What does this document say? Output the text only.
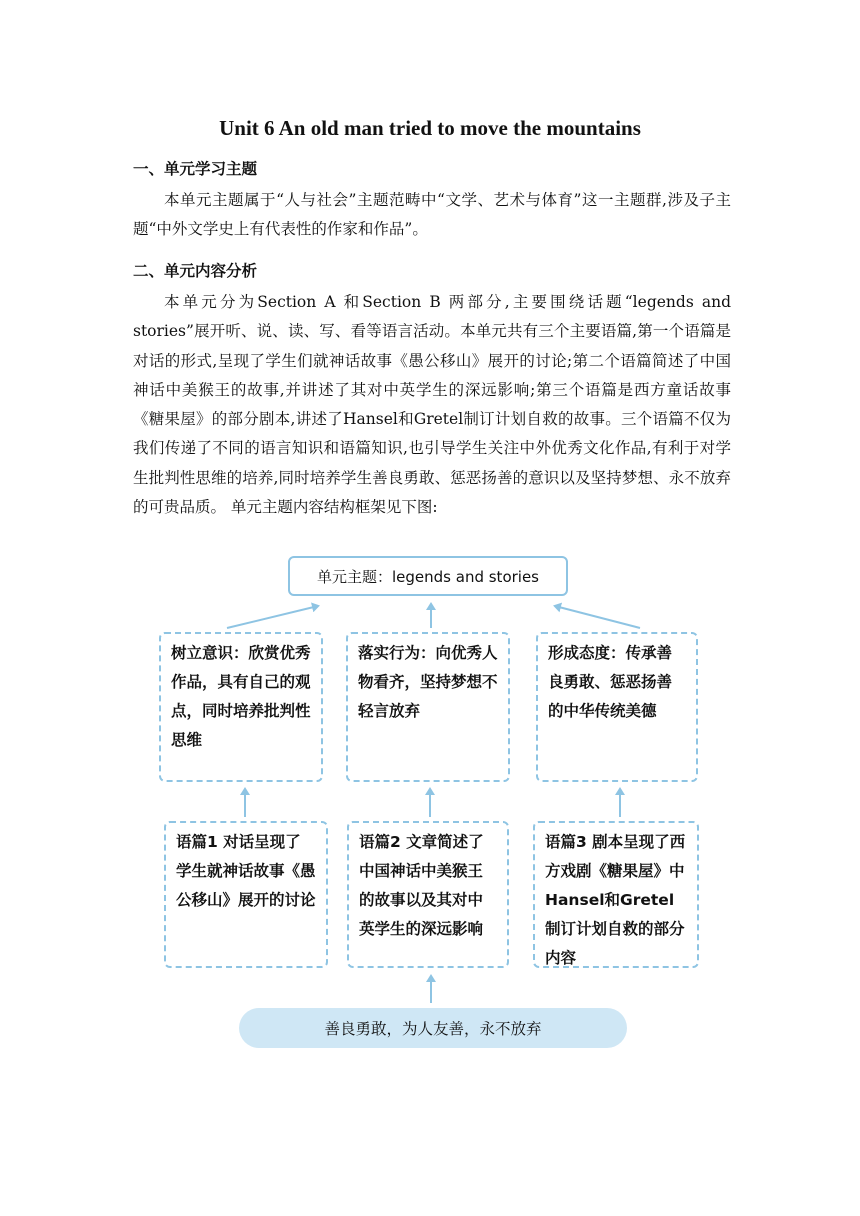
Unit 6 An old man tried to move the mountains
一、单元学习主题
本单元主题属于“人与社会”主题范畴中“文学、艺术与体育”这一主题群,涉及子主题“中外文学史上有代表性的作家和作品”。
二、单元内容分析
本单元分为Section A 和Section B 两部分,主要围绕话题“legends and stories”展开听、说、读、写、看等语言活动。本单元共有三个主要语篇,第一个语篇是对话的形式,呈现了学生们就神话故事《愚公移山》展开的讨论;第二个语篇简述了中国神话中美猴王的故事,并讲述了其对中英学生的深远影响;第三个语篇是西方童话故事《糖果屋》的部分剧本,讲述了Hansel和Gretel制订计划自救的故事。三个语篇不仅为我们传递了不同的语言知识和语篇知识,也引导学生关注中外优秀文化作品,有利于对学生批判性思维的培养,同时培养学生善良勇敢、惩恶扬善的意识以及坚持梦想、永不放弃的可贵品质。 单元主题内容结构框架见下图:
单元主题：legends and stories
树立意识：欣赏优秀作品，具有自己的观点，同时培养批判性思维
落实行为：向优秀人物看齐，坚持梦想不轻言放弃
形成态度：传承善良勇敢、惩恶扬善的中华传统美德
语篇1 对话呈现了学生就神话故事《愚公移山》展开的讨论
语篇2 文章简述了中国神话中美猴王的故事以及其对中英学生的深远影响
语篇3 剧本呈现了西方戏剧《糖果屋》中Hansel和Gretel制订计划自救的部分内容
善良勇敢，为人友善，永不放弃
